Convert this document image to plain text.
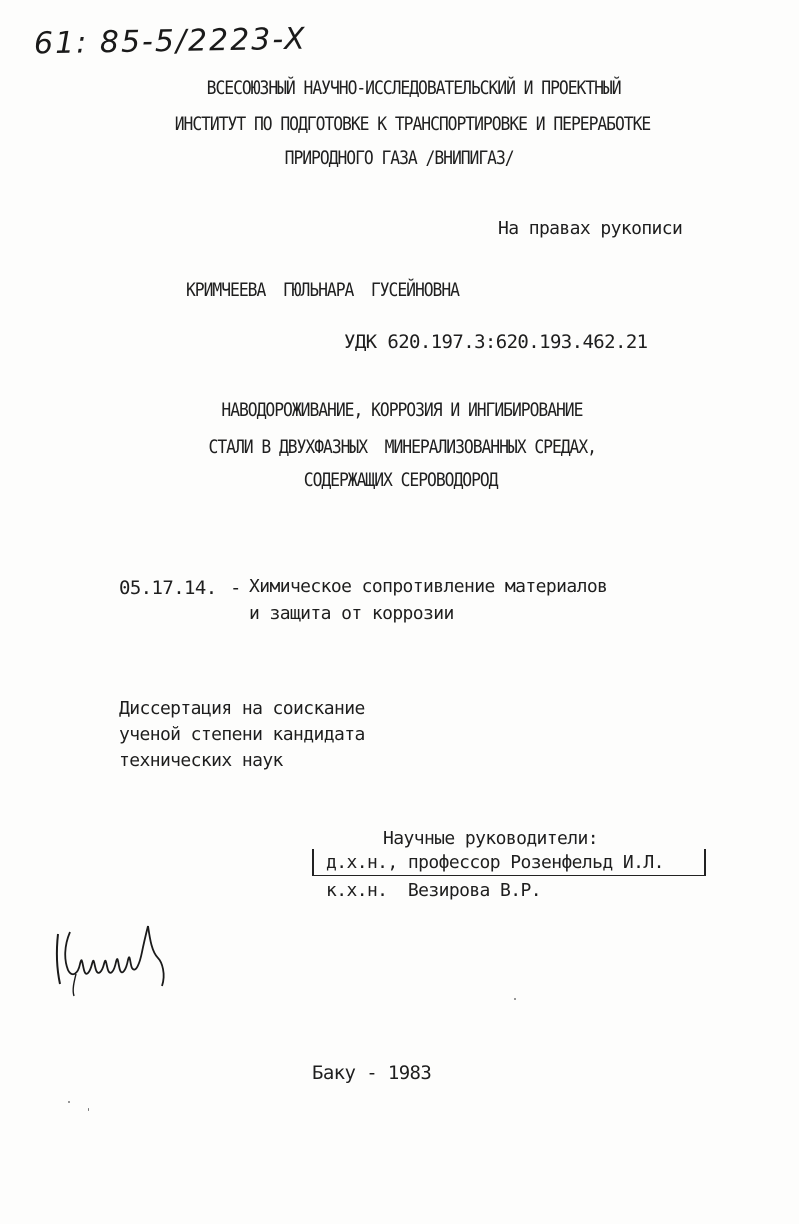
61: 85-5/2223-X
ВСЕСОЮЗНЫЙ НАУЧНО-ИССЛЕДОВАТЕЛЬСКИЙ И ПРОЕКТНЫЙ
ИНСТИТУТ ПО ПОДГОТОВКЕ К ТРАНСПОРТИРОВКЕ И ПЕРЕРАБОТКЕ
ПРИРОДНОГО ГАЗА /ВНИПИГАЗ/
На правах рукописи
КРИМЧЕЕВА  ГЮЛЬНАРА  ГУСЕЙНОВНА
УДК 620.197.3:620.193.462.21
НАВОДОРОЖИВАНИЕ, КОРРОЗИЯ И ИНГИБИРОВАНИЕ
СТАЛИ В ДВУХФАЗНЫХ  МИНЕРАЛИЗОВАННЫХ СРЕДАХ,
СОДЕРЖАЩИХ СЕРОВОДОРОД
05.17.14. - Химическое сопротивление материалов
и защита от коррозии
Диссертация на соискание
ученой степени кандидата
технических наук
Научные руководители:
д.х.н., профессор Розенфельд И.Л.
к.х.н.  Везирова В.Р.
Баку - 1983
